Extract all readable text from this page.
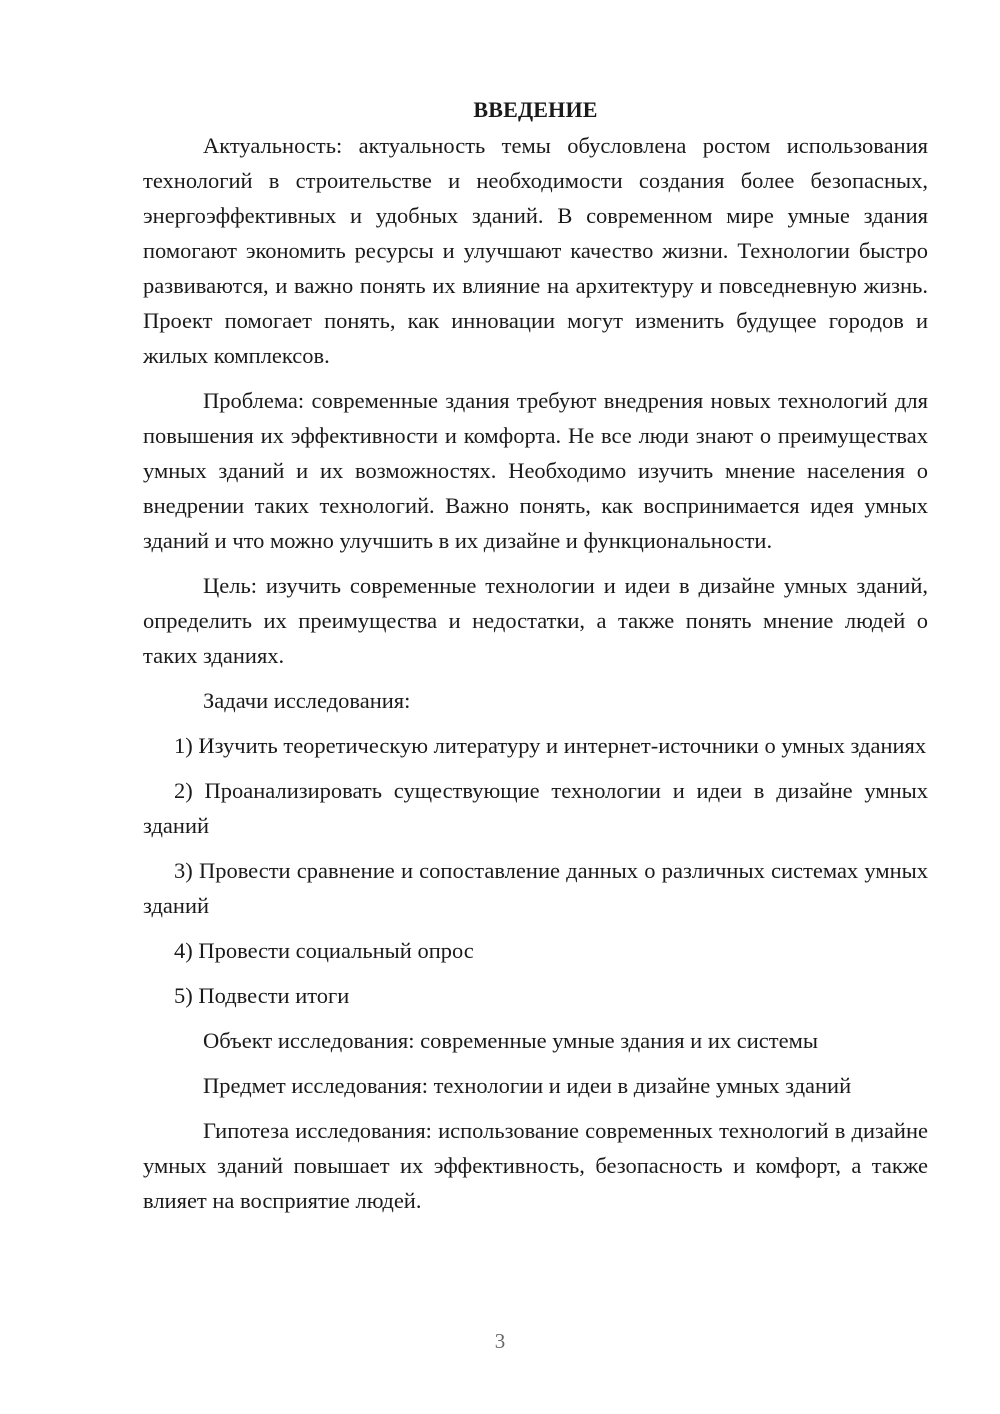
ВВЕДЕНИЕ

Актуальность: актуальность темы обусловлена ростом использования технологий в строительстве и необходимости создания более безопасных, энергоэффективных и удобных зданий. В современном мире умные здания помогают экономить ресурсы и улучшают качество жизни. Технологии быстро развиваются, и важно понять их влияние на архитектуру и повседневную жизнь. Проект помогает понять, как инновации могут изменить будущее городов и жилых комплексов.

Проблема: современные здания требуют внедрения новых технологий для повышения их эффективности и комфорта. Не все люди знают о преимуществах умных зданий и их возможностях. Необходимо изучить мнение населения о внедрении таких технологий. Важно понять, как воспринимается идея умных зданий и что можно улучшить в их дизайне и функциональности.

Цель: изучить современные технологии и идеи в дизайне умных зданий, определить их преимущества и недостатки, а также понять мнение людей о таких зданиях.

Задачи исследования:

1) Изучить теоретическую литературу и интернет-источники о умных зданиях

2) Проанализировать существующие технологии и идеи в дизайне умных зданий

3) Провести сравнение и сопоставление данных о различных системах умных зданий

4) Провести социальный опрос

5) Подвести итоги

Объект исследования: современные умные здания и их системы

Предмет исследования: технологии и идеи в дизайне умных зданий

Гипотеза исследования: использование современных технологий в дизайне умных зданий повышает их эффективность, безопасность и комфорт, а также влияет на восприятие людей.

3
